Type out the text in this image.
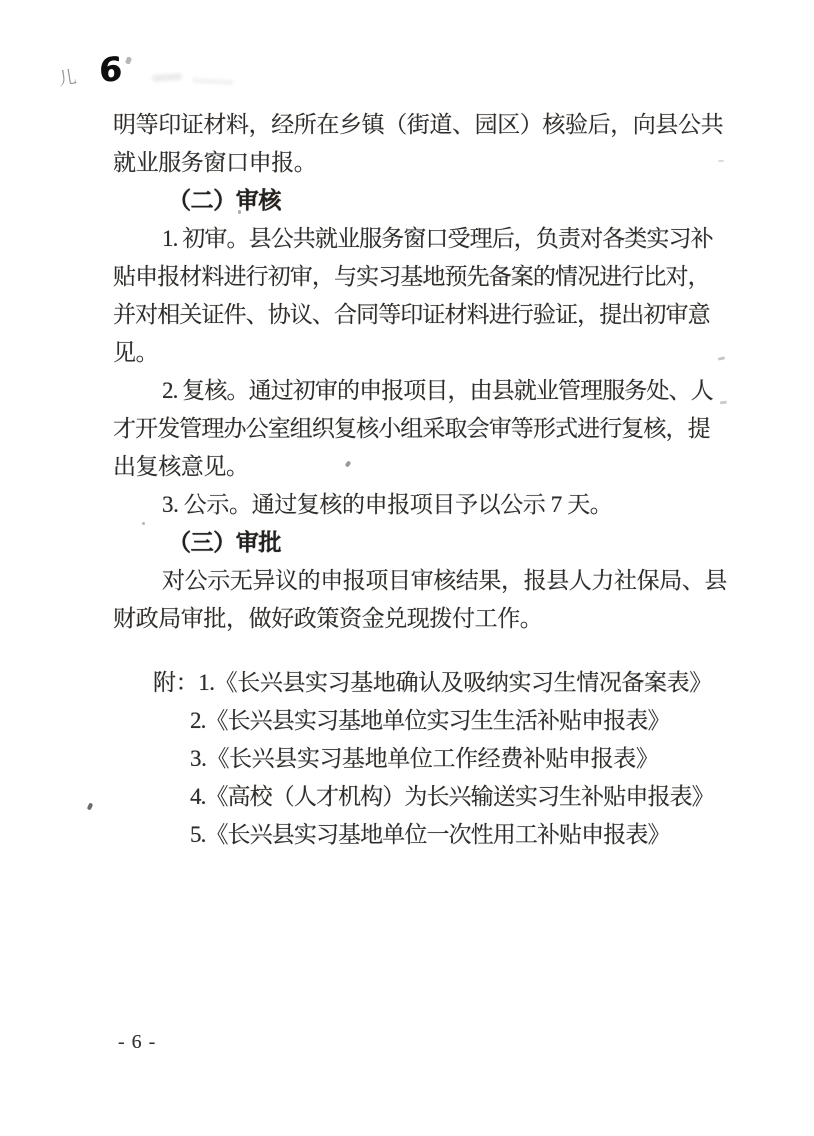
儿 6
明等印证材料，经所在乡镇（街道、园区）核验后，向县公共
就业服务窗口申报。
（二）审核
1. 初审。县公共就业服务窗口受理后，负责对各类实习补
贴申报材料进行初审，与实习基地预先备案的情况进行比对，
并对相关证件、协议、合同等印证材料进行验证，提出初审意
见。
2. 复核。通过初审的申报项目，由县就业管理服务处、人
才开发管理办公室组织复核小组采取会审等形式进行复核，提
出复核意见。
3. 公示。通过复核的申报项目予以公示 7 天。
（三）审批
对公示无异议的申报项目审核结果，报县人力社保局、县
财政局审批，做好政策资金兑现拨付工作。
附：1.《长兴县实习基地确认及吸纳实习生情况备案表》
2.《长兴县实习基地单位实习生生活补贴申报表》
3.《长兴县实习基地单位工作经费补贴申报表》
4.《高校（人才机构）为长兴输送实习生补贴申报表》
5.《长兴县实习基地单位一次性用工补贴申报表》
- 6 -
